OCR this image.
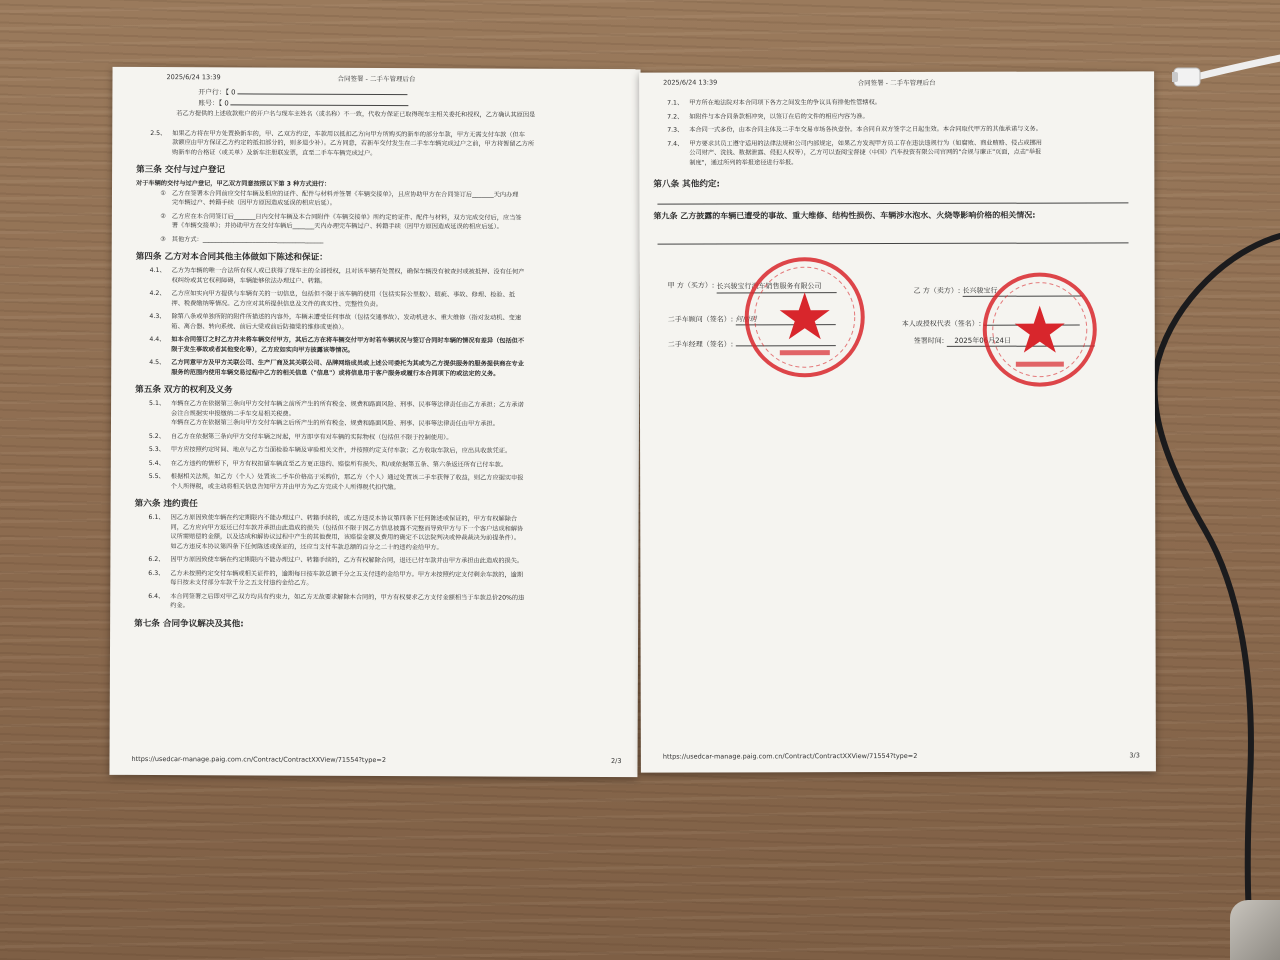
2025/6/24 13:39	合同签署 - 二手车管理后台
开户行：【 0
账号：【 0
若乙方提供的上述收款账户的开户名与现车主姓名（或名称）不一致，代收方保证已取得现车主相关委托和授权，乙方确认其原因是
2.5、 如果乙方将在甲方处置换新车的，甲、乙双方约定，车款用以抵扣乙方向甲方所购买的新车的部分车款，甲方无需支付车款（但车
款额应由甲方保证乙方约定的抵扣部分的，则多退少补）。乙方同意，若新车交付发生在二手车车辆完成过户之前，甲方将暂留乙方所
购新车的合格证（或关单）及新车注册联发票，直至二手车车辆完成过户。
第三条 交付与过户登记
对于车辆的交付与过户登记，甲乙双方同意按照以下第 3 种方式进行：
① 乙方在签署本合同前应交付车辆及相应的证件、配件与材料并签署《车辆交接单》，且应协助甲方在合同签订后_______天内办理
完车辆过户、转籍手续（因甲方原因造成延误的相应后延）。
② 乙方应在本合同签订后_______日内交付车辆及本合同附件《车辆交接单》所约定的证件、配件与材料，双方完成交付后，应当签
署《车辆交接单》；并协助甲方在交付车辆后_______天内办理完车辆过户、转籍手续（因甲方原因造成延误的相应后延）。
③ 其他方式：_______________________________________
第四条 乙方对本合同其他主体做如下陈述和保证：
4.1、 乙方为车辆的唯一合法所有权人或已获得了现车主的全部授权，且对该车辆有处置权，确保车辆没有被查封或被抵押、没有任何产
权纠纷或其它权利障碍，车辆能够依法办理过户、转籍。
4.2、 乙方应如实向甲方提供与车辆有关的一切信息，包括但不限于该车辆的使用（包括实际公里数）、瑕疵、事故、修理、检验、抵
押、税费缴纳等情况。乙方应对其所提供信息及文件的真实性、完整性负责。
4.3、 除第八条或单独所附的附件所描述的内容外，车辆未遭受任何事故（包括交通事故）、发动机进水、重大维修（指对发动机、变速
箱、离合器、转向系统、前后大梁或前后防撞梁的维修或更换）。
4.4、 如本合同签订之时乙方并未将车辆交付甲方，其后乙方在将车辆交付甲方时若车辆状况与签订合同时车辆的情况有差异（包括但不
限于发生事故或者其他变化等），乙方应如实向甲方披露该等情况。
4.5、 乙方同意甲方及甲方关联公司、生产厂商及其关联公司、品牌网络成员或上述公司委托为其或为乙方提供服务的服务提供商在专业
服务的范围内使用车辆交易过程中乙方的相关信息（"信息"）或将信息用于客户服务或履行本合同项下的或法定的义务。
第五条 双方的权利及义务
5.1、 车辆在乙方在依据第三条向甲方交付车辆之前所产生的所有税金、规费和路面风险、刑事、民事等法律责任由乙方承担；乙方承诺
会注合规据实申报缴纳二手车交易相关税费。
车辆在乙方在依据第三条向甲方交付车辆之后所产生的所有税金、规费和路面风险、刑事、民事等法律责任由甲方承担。
5.2、 自乙方在依据第三条向甲方交付车辆之时起，甲方即享有对车辆的实际物权（包括但不限于控制使用）。
5.3、 甲方应按照约定时间、地点与乙方当面检验车辆及审验相关文件，并按照约定支付车款；乙方收取车款后，应出具收款凭证。
5.4、 在乙方违约的情形下，甲方有权扣留车辆直至乙方更正违约、赔偿所有损失、和/或依据第五条、第六条返还所有已付车款。
5.5、 根据相关法规，如乙方（个人）处置该二手车价格高于采购价，那乙方（个人）通过处置该二手车获得了收益，则乙方应据实申报
个人所得税，或主动将相关信息告知甲方并由甲方为乙方完成个人所得税代扣代缴。
第六条 违约责任
6.1、 因乙方原因致使车辆在约定期限内不能办理过户、转籍手续的，或乙方违反本协议第四条下任何陈述或保证的，甲方有权解除合
同，乙方应向甲方返还已付车款并承担由此造成的损失（包括但不限于因乙方信息披露不完整而导致甲方与下一个客户达成和解协
议所需赔偿的金额，以及达成和解协议过程中产生的其他费用，该赔偿金额及费用的确定不以法院判决或仲裁裁决为前提条件）。
如乙方违反本协议第四条下任何陈述或保证的，还应当支付车款总额的百分之二十的违约金给甲方。
6.2、 因甲方原因致使车辆在约定期限内不能办理过户、转籍手续的，乙方有权解除合同，退还已付车款并由甲方承担由此造成的损失。
6.3、 乙方未按照约定交付车辆或相关证件的，逾期每日按车款总额千分之五支付违约金给甲方。甲方未按照约定支付剩余车款的，逾期
每日按未支付部分车款千分之五支付违约金给乙方。
6.4、 本合同签署之后即对甲乙双方均具有约束力，如乙方无故要求解除本合同的，甲方有权要求乙方支付金额相当于车款总价20%的违
约金。
第七条 合同争议解决及其他:
https://usedcar-manage.paig.com.cn/Contract/ContractXXView/71554?type=2	2/3
2025/6/24 13:39	合同签署 - 二手车管理后台
7.1、 甲方所在地法院对本合同项下各方之间发生的争议具有排他性管辖权。
7.2、 如附件与本合同条款相冲突，以签订在后的文件的相应内容为准。
7.3、 本合同一式多份，由本合同主体及二手车交易市场各执壹份。本合同自双方签字之日起生效。本合同取代甲方的其他承诺与义务。
7.4、 甲方要求其员工遵守适用的法律法规和公司内部规定，如果乙方发现甲方员工存在违法违规行为（如腐败、商业贿赂、侵占或挪用
公司财产、洗钱、数据泄露、侵犯人权等），乙方可以查阅宝督捷（中国）汽车投资有限公司官网的"合规与廉正"页面，点击"举报
制度"，通过所列的举报途径进行举报。
第八条 其他约定:
第九条 乙方披露的车辆已遭受的事故、重大维修、结构性损伤、车辆涉水泡水、火烧等影响价格的相关情况:
甲 方（买方）: 长兴骏宝行汽车销售服务有限公司
二手车顾问（签名）: 何丽玥
二手车经理（签名）:
乙 方（卖方）: 长兴骏宝行
本人或授权代表（签名）:
签署时间: 2025年06月24日
https://usedcar-manage.paig.com.cn/Contract/ContractXXView/71554?type=2	3/3
